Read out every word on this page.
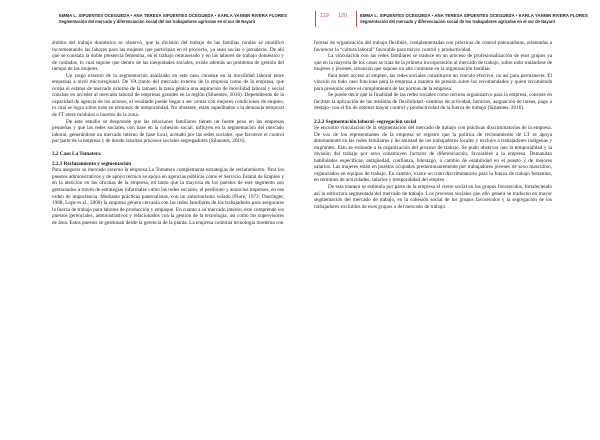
EMMA L. SIFUENTES OCEGUEDA • ANA TERESA SIFUENTES OCEGUEDA • KARLA YANNIN RIVERA FLORES
Segmentación del mercado y diferenciación social del los trabajadores agrícolas en el sur de Nayarit
119

ámbito del trabajo doméstico se observó, que la división del trabajo de las familias rurales se modificó incrementando las labores para las mujeres que participan en el proyecto, ya sean socias o jornaleras. De ahí que se constata la doble presencia femenina, en el trabajo remunerado y en las labores de trabajo doméstico y de cuidados, lo cual supone que dentro de las inequidades sociales, existe además un problema de gestión del tiempo de las mujeres.

Un rasgo externo de la segmentación analizado en este caso consiste en la movilidad laboral entre empresas a nivel microregional. De VA (tanto del mercado externo de la empresa como de la empresa, que ocupa el estatus de mercado externo de la tamaen la tarea génica una aspiración de movilidad laboral y social consiste en acceder al mercado laboral de empresas grandes en la región (Siluentes, 2016). Dependiendo de la capacidad de agencia de los actores, el resultado puede llegar a ser contar con mejores condiciones de empleo, lo cual se logra sobre todo en términos de temporalidad. No obstante, están supeditados a la demanda temporal de FT entre módulos o huertos de la zona.

De este estudio se desprende que las relaciones familiares tienen un fuerte peso en las empresas pequeñas y que las redes sociales, con base en la cohesión social, influyen en la segmentación del mercado laboral, generándose un mercado interno de base local, acotado por las redes sociales, que favorece el control por parte de la empresa y de donde resultan procesos sociales segregadores (Siluentes, 2016).

2.2 Caso La Tomatera

2.2.1 Reclutamiento y segmentación

Para asegurar su mercado externo la empresa La Tomatera complementa estrategias de reclutamiento. Para los puestos administrativos y de apoyo técnico se apoya en agencias públicas como el Servicio Estatal de Empleo y en la atención en las oficinas de la empresa, en tanto que la mayoría de los puestos de este segmento son gestionados a través de estrategias informales como las redes sociales, el perifoneo y anuncios impresos, en ese orden de importancia. Mediante prácticas paternalistas, con un autoritarismo velado (Piore, 1973; Doeringer, 1988; Lope et al., 2000) la empresa genera cercanía con las redes familiares de los trabajadores para asegurarse la fuerza de trabajo para labores de producción y empaque. En cuanto a su mercado interno, éste comprende los puestos gerenciales, administrativos y relacionados con la gestión de la tecnología, así como los supervisores de área. Estos puestos se gestionan desde la gerencia de la planta. La empresa combina tecnología moderna con

120	EMMA L. SIFUENTES OCEGUEDA • ANA TERESA SIFUENTES OCEGUEDA • KARLA YANNIN RIVERA FLORES
Segmentación del mercado y diferenciación social de los trabajadores agrícolas en el sur de Nayarit

formas de organización del trabajo flexibles, complementadas con prácticas de control paternalistas, orientadas a favorecer la “cultura laboral” favorable para mayor control y productividad.

La vinculación con las redes familiares se traduce en un proceso de profesionalización de esos grupos ya que en la mayoría de los casos se trata de la primera incorporación al mercado de trabajo, sobre todo tratándose de mujeres y jóvenes, situación que supone un alto contraste en la organización familiar.

Para tener acceso al empleo, las redes sociales constituyen un vínculo efectivo, no así para permanecer. El vínculo en todo caso funciona para la empresa a manera de presión sobre los recomendados y quien recomienda para presionar sobre el cumplimiento de las normas de la empresa.

Se puede decir que la finalidad de las redes sociales como recurso organizativo para la empresa, consiste en facilitar la aplicación de las medidas de flexibilidad -cambios de actividad, horarios, asignación de tareas, pago a destajo- con el fin de obtener mayor control y productividad de la fuerza de trabajo (Siluentes, 2016).

2.2.2 Segmentación laboral- segregación social

Se encontró vinculación de la segmentación del mercado de trabajo con prácticas discriminatorias de la empresa. De voz de los representantes de la empresa se registró que la política de reclutamiento de LT se apoya abiertamente en las redes familiares y de amistad de los trabajadores locales y excluye a trabajadores indígenas y migrantes. Esto se extiende a la organización del proceso de trabajo. Se pudo observar que la temporalidad y la división del trabajo por sexo constituyen factores de diferenciación, favorables a la empresa. Demandan habilidades específicas, antigüedad, confianza, liderazgo, a cambio de estabilidad en el puesto y de mejores salarios. Las mujeres están en puestos ocupados predominantemente por trabajadores jóvenes de sexo masculino, organizados en equipos de trabajo. En cambio, existe un trato discriminatorio para la fuerza de trabajo femenina, en términos de actividades, salarios y temporalidad del empleo.

De esta manera se estimula por parte de la empresa el cierre social en los grupos favorecidos, fortaleciendo así la estructura segmentada del mercado de trabajo. Los procesos sociales que ello genera se traducen en mayor segmentación del mercado de trabajo, en la cohesión social de los grupos favorecidos y la segregación de los trabajadores excluidos de esos grupos o del mercado de trabajo.
